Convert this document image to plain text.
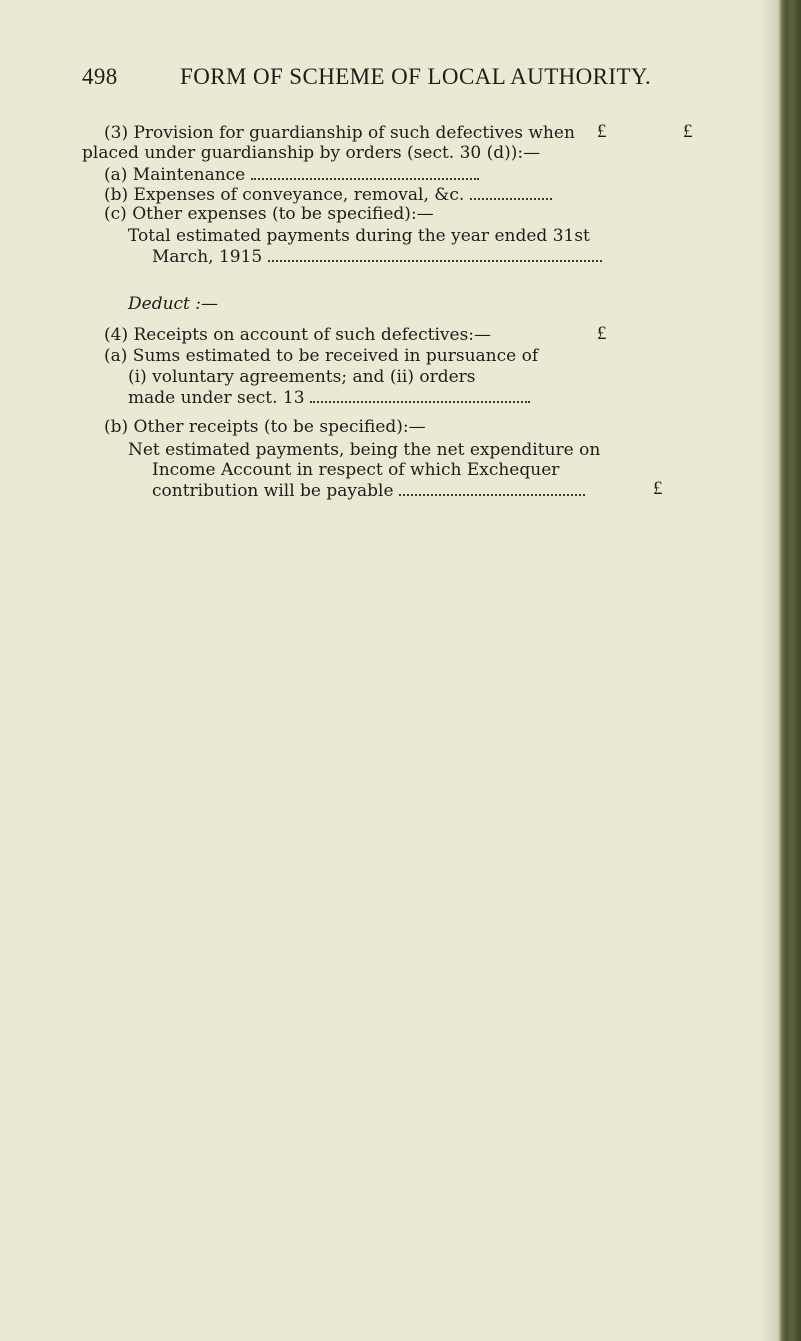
498	FORM OF SCHEME OF LOCAL AUTHORITY.
(3) Provision for guardianship of such defectives when £	£
placed under guardianship by orders (sect. 30 (d)):—
(a) Maintenance
(b) Expenses of conveyance, removal, &c.
(c) Other expenses (to be specified):—
Total estimated payments during the year ended 31st
March, 1915
Deduct :—
(4) Receipts on account of such defectives:—	£
(a) Sums estimated to be received in pursuance of
(i) voluntary agreements; and (ii) orders
made under sect. 13
(b) Other receipts (to be specified):—
Net estimated payments, being the net expenditure on
Income Account in respect of which Exchequer
contribution will be payable	£
